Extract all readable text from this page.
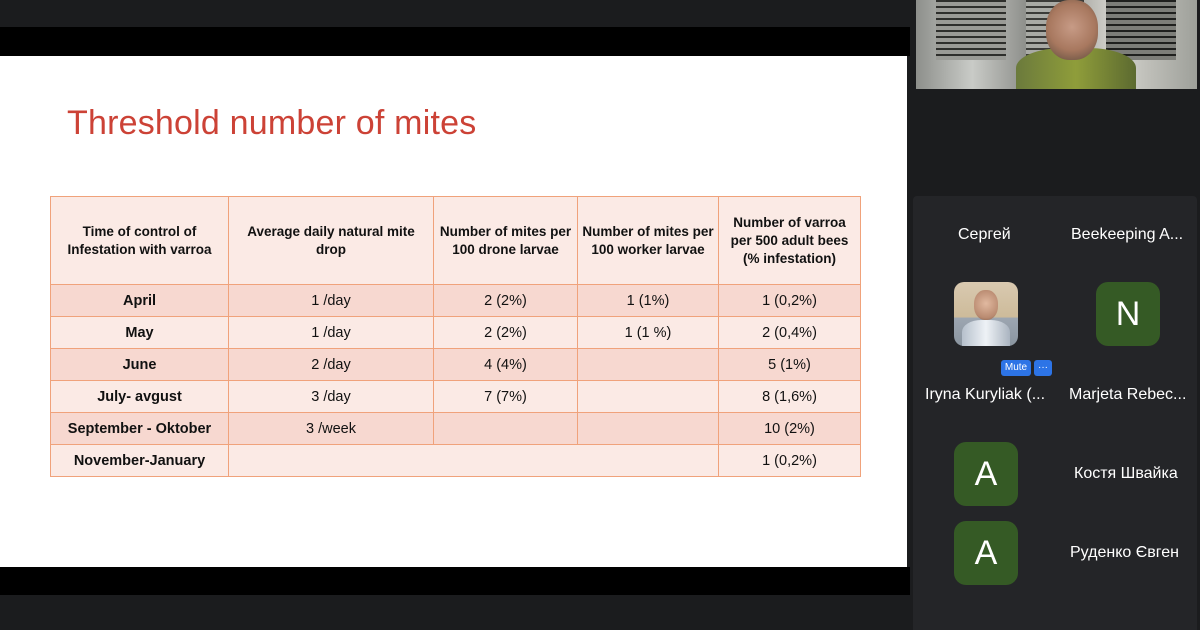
Threshold number of mites
Time of control of Infestation with varroa	Average daily natural mite drop	Number of mites per 100 drone larvae	Number of mites per 100 worker larvae	Number of varroa per 500 adult bees (% infestation)
April	1 /day	2 (2%)	1 (1%)	1 (0,2%)
May	1 /day	2 (2%)	1 (1 %)	2 (0,4%)
June	2 /day	4 (4%)		5 (1%)
July- avgust	3 /day	7 (7%)		8 (1,6%)
September - Oktober	3 /week			10 (2%)
November-January				1 (0,2%)
Сергей	Beekeeping A...
N
Mute	···
Iryna Kuryliak (... Marjeta Rebec...
A	Костя Швайка
A	Руденко Євген
